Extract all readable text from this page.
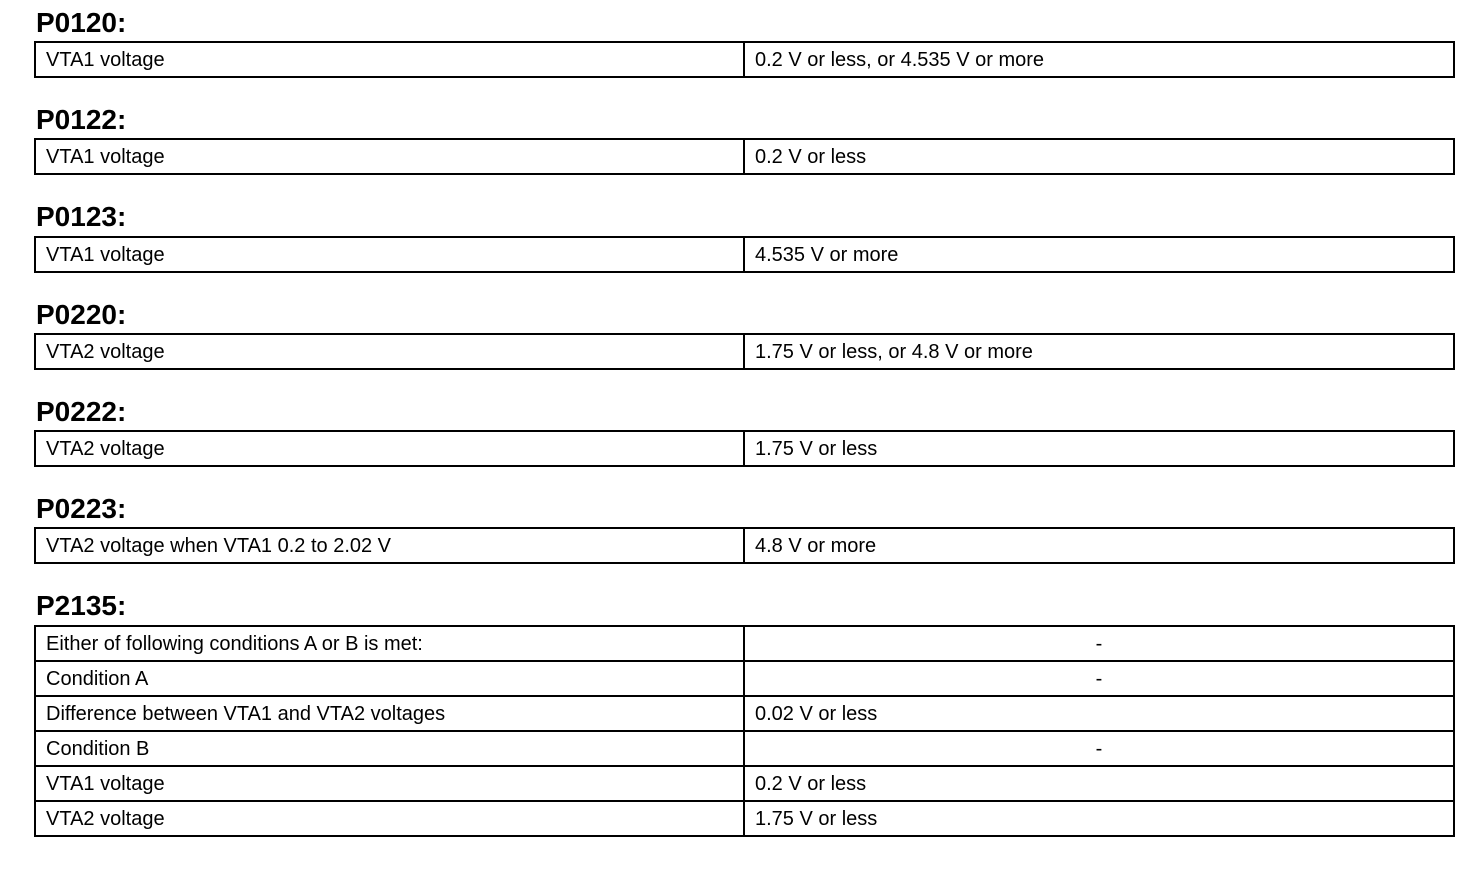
P0120:
VTA1 voltage	0.2 V or less, or 4.535 V or more
P0122:
VTA1 voltage	0.2 V or less
P0123:
VTA1 voltage	4.535 V or more
P0220:
VTA2 voltage	1.75 V or less, or 4.8 V or more
P0222:
VTA2 voltage	1.75 V or less
P0223:
VTA2 voltage when VTA1 0.2 to 2.02 V	4.8 V or more
P2135:
Either of following conditions A or B is met:	-
Condition A	-
Difference between VTA1 and VTA2 voltages	0.02 V or less
Condition B	-
VTA1 voltage	0.2 V or less
VTA2 voltage	1.75 V or less
